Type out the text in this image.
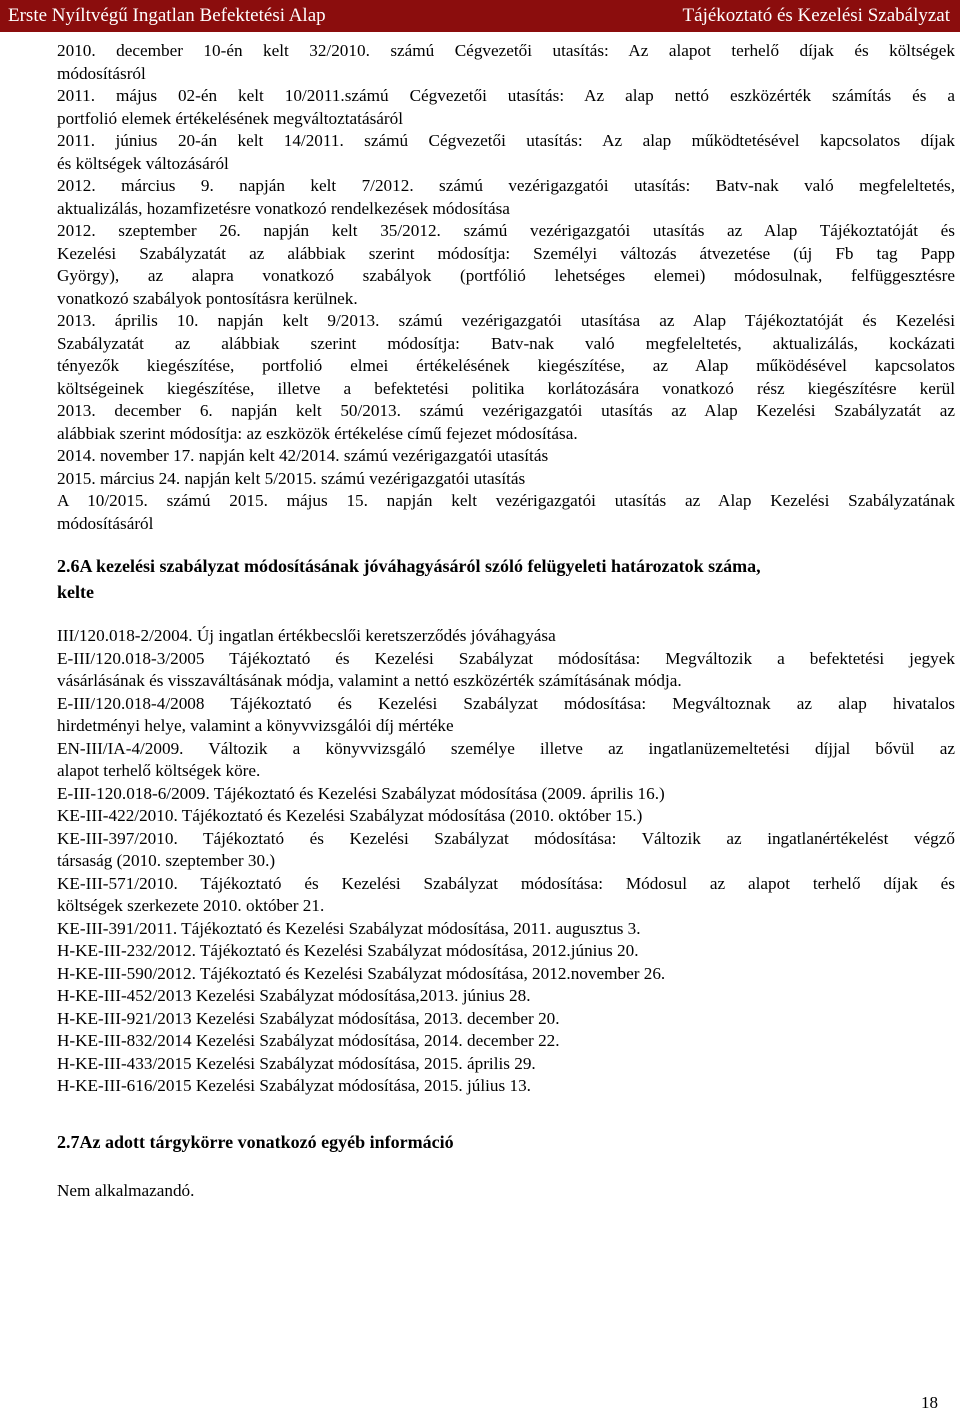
Erste Nyíltvégű Ingatlan Befektetési Alap	Tájékoztató és Kezelési Szabályzat
2010. december 10-én kelt 32/2010. számú Cégvezetői utasítás: Az alapot terhelő díjak és költségek
módosításról
2011. május 02-én kelt 10/2011.számú Cégvezetői utasítás: Az alap nettó eszközérték számítás és a
portfolió elemek értékelésének megváltoztatásáról
2011. június 20-án kelt 14/2011. számú Cégvezetői utasítás: Az alap működtetésével kapcsolatos díjak
és költségek változásáról
2012. március 9. napján kelt 7/2012. számú vezérigazgatói utasítás: Batv-nak való megfeleltetés,
aktualizálás, hozamfizetésre vonatkozó rendelkezések módosítása
2012. szeptember 26. napján kelt 35/2012. számú vezérigazgatói utasítás az Alap Tájékoztatóját és
Kezelési Szabályzatát az alábbiak szerint módosítja: Személyi változás átvezetése (új Fb tag Papp
György), az alapra vonatkozó szabályok (portfólió lehetséges elemei) módosulnak, felfüggesztésre
vonatkozó szabályok pontosításra kerülnek.
2013. április 10. napján kelt 9/2013. számú vezérigazgatói utasítása az Alap Tájékoztatóját és Kezelési
Szabályzatát az alábbiak szerint módosítja: Batv-nak való megfeleltetés, aktualizálás, kockázati
tényezők kiegészítése, portfolió elmei értékelésének kiegészítése, az Alap működésével kapcsolatos
költségeinek kiegészítése, illetve a befektetési politika korlátozására vonatkozó rész kiegészítésre kerül
2013. december 6. napján kelt 50/2013. számú vezérigazgatói utasítás az Alap Kezelési Szabályzatát az
alábbiak szerint módosítja: az eszközök értékelése című fejezet módosítása.
2014. november 17. napján kelt 42/2014. számú vezérigazgatói utasítás
2015. március 24. napján kelt 5/2015. számú vezérigazgatói utasítás
A 10/2015. számú 2015. május 15. napján kelt vezérigazgatói utasítás az Alap Kezelési Szabályzatának
módosításáról
2.6A kezelési szabályzat módosításának jóváhagyásáról szóló felügyeleti határozatok száma,
kelte
III/120.018-2/2004. Új ingatlan értékbecslői keretszerződés jóváhagyása
E-III/120.018-3/2005 Tájékoztató és Kezelési Szabályzat módosítása: Megváltozik a befektetési jegyek
vásárlásának és visszaváltásának módja, valamint a nettó eszközérték számításának módja.
E-III/120.018-4/2008 Tájékoztató és Kezelési Szabályzat módosítása: Megváltoznak az alap hivatalos
hirdetményi helye, valamint a könyvvizsgálói díj mértéke
EN-III/IA-4/2009. Változik a könyvvizsgáló személye illetve az ingatlanüzemeltetési díjjal bővül az
alapot terhelő költségek köre.
E-III-120.018-6/2009. Tájékoztató és Kezelési Szabályzat módosítása (2009. április 16.)
KE-III-422/2010. Tájékoztató és Kezelési Szabályzat módosítása (2010. október 15.)
KE-III-397/2010. Tájékoztató és Kezelési Szabályzat módosítása: Változik az ingatlanértékelést végző
társaság (2010. szeptember 30.)
KE-III-571/2010. Tájékoztató és Kezelési Szabályzat módosítása: Módosul az alapot terhelő díjak és
költségek szerkezete 2010. október 21.
KE-III-391/2011. Tájékoztató és Kezelési Szabályzat módosítása, 2011. augusztus 3.
H-KE-III-232/2012. Tájékoztató és Kezelési Szabályzat módosítása, 2012.június 20.
H-KE-III-590/2012. Tájékoztató és Kezelési Szabályzat módosítása, 2012.november 26.
H-KE-III-452/2013 Kezelési Szabályzat módosítása,2013. június 28.
H-KE-III-921/2013 Kezelési Szabályzat módosítása, 2013. december 20.
H-KE-III-832/2014 Kezelési Szabályzat módosítása, 2014. december 22.
H-KE-III-433/2015 Kezelési Szabályzat módosítása, 2015. április 29.
H-KE-III-616/2015 Kezelési Szabályzat módosítása, 2015. július 13.
2.7Az adott tárgykörre vonatkozó egyéb információ
Nem alkalmazandó.
18
